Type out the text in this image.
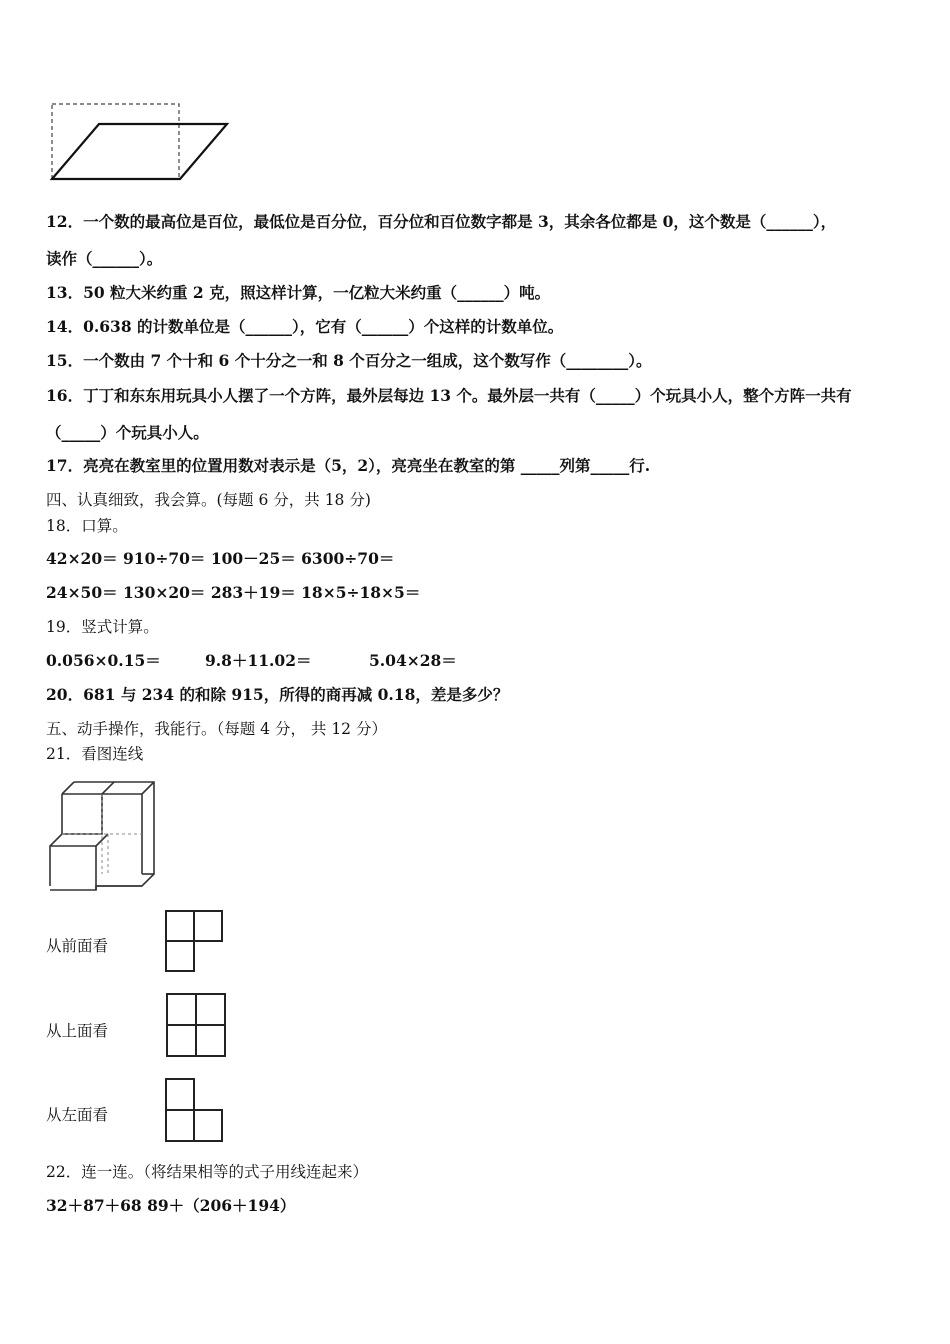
12．一个数的最高位是百位，最低位是百分位，百分位和百位数字都是 3，其余各位都是 0，这个数是（______），
读作（______）。
13．50 粒大米约重 2 克，照这样计算，一亿粒大米约重（______）吨。
14．0.638 的计数单位是（______），它有（______）个这样的计数单位。
15．一个数由 7 个十和 6 个十分之一和 8 个百分之一组成，这个数写作（________）。
16．丁丁和东东用玩具小人摆了一个方阵，最外层每边 13 个。最外层一共有（_____）个玩具小人，整个方阵一共有
（_____）个玩具小人。
17．亮亮在教室里的位置用数对表示是（5，2），亮亮坐在教室的第 _____列第_____行.
四、认真细致，我会算。(每题 6 分，共 18 分)
18．口算。
42×20＝ 910÷70＝ 100－25＝ 6300÷70＝
24×50＝ 130×20＝ 283＋19＝ 18×5÷18×5＝
19．竖式计算。
0.056×0.15＝	9.8＋11.02＝	5.04×28＝
20．681 与 234 的和除 915，所得的商再减 0.18，差是多少？
五、动手操作，我能行。（每题 4 分， 共 12 分）
21．看图连线
从前面看
从上面看
从左面看
22．连一连。（将结果相等的式子用线连起来）
32＋87＋68 89＋（206＋194）
